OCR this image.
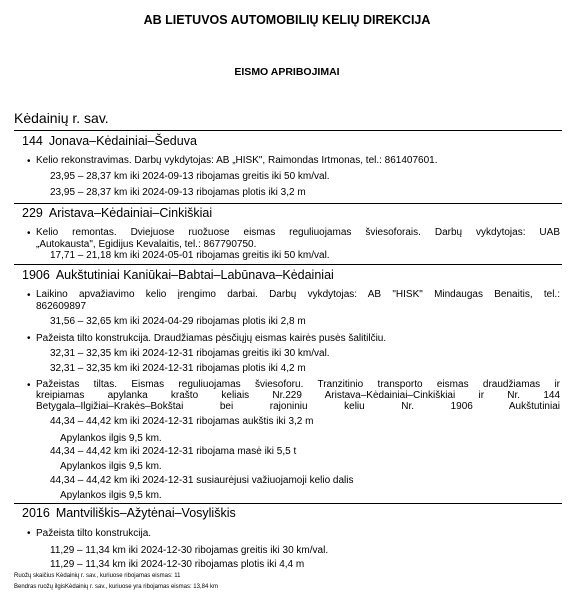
AB LIETUVOS AUTOMOBILIŲ KELIŲ DIREKCIJA
EISMO APRIBOJIMAI
Kėdainių r. sav.
144 Jonava–Kėdainiai–Šeduva
• Kelio rekonstravimas. Darbų vykdytojas: AB „HISK", Raimondas Irtmonas, tel.: 861407601.
23,95 – 28,37 km iki 2024-09-13 ribojamas greitis iki 50 km/val.
23,95 – 28,37 km iki 2024-09-13 ribojamas plotis iki 3,2 m
229 Aristava–Kėdainiai–Cinkiškiai
• Kelio remontas. Dviejuose ruožuose eismas reguliuojamas šviesoforais. Darbų vykdytojas: UAB
„Autokausta", Egidijus Kevalaitis, tel.: 867790750.
17,71 – 21,18 km iki 2024-05-01 ribojamas greitis iki 50 km/val.
1906 Aukštutiniai Kaniūkai–Babtai–Labūnava–Kėdainiai
• Laikino apvažiavimo kelio įrengimo darbai. Darbų vykdytojas: AB "HISK" Mindaugas Benaitis, tel.:
862609897
31,56 – 32,65 km iki 2024-04-29 ribojamas plotis iki 2,8 m
• Pažeista tilto konstrukcija. Draudžiamas pėsčiųjų eismas kairės pusės šalitilčiu.
32,31 – 32,35 km iki 2024-12-31 ribojamas greitis iki 30 km/val.
32,31 – 32,35 km iki 2024-12-31 ribojamas plotis iki 4,2 m
• Pažeistas tiltas. Eismas reguliuojamas šviesoforu. Tranzitinio transporto eismas draudžiamas ir
kreipiamas apylanka krašto keliais Nr.229 Aristava–Kėdainiai–Cinkiškiai ir Nr. 144
Betygala–Ilgižiai–Krakės–Bokštai bei rajoniniu keliu Nr. 1906 Aukštutiniai
44,34 – 44,42 km iki 2024-12-31 ribojamas aukštis iki 3,2 m
Apylankos ilgis 9,5 km.
44,34 – 44,42 km iki 2024-12-31 ribojama masė iki 5,5 t
Apylankos ilgis 9,5 km.
44,34 – 44,42 km iki 2024-12-31 susiaurėjusi važiuojamoji kelio dalis
Apylankos ilgis 9,5 km.
2016 Mantviliškis–Ažytėnai–Vosyliškis
• Pažeista tilto konstrukcija.
11,29 – 11,34 km iki 2024-12-30 ribojamas greitis iki 30 km/val.
11,29 – 11,34 km iki 2024-12-30 ribojamas plotis iki 4,4 m
Ruožų skaičius Kėdainių r. sav., kuriuose ribojamas eismas: 11
Bendras ruožų ilgisKėdainių r. sav., kuriuose yra ribojamas eismas: 13,84 km
